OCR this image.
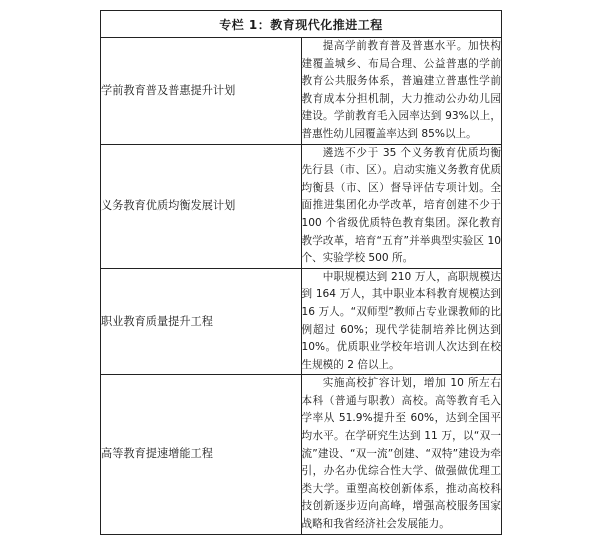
专栏 1：教育现代化推进工程	
学前教育普及普惠提升计划	提高学前教育普及普惠水平。加快构建覆盖城乡、布局合理、公益普惠的学前教育公共服务体系，普遍建立普惠性学前教育成本分担机制，大力推动公办幼儿园建设。学前教育毛入园率达到 93%以上，普惠性幼儿园覆盖率达到 85%以上。
义务教育优质均衡发展计划	遴选不少于 35 个义务教育优质均衡先行县（市、区）。启动实施义务教育优质均衡县（市、区）督导评估专项计划。全面推进集团化办学改革，培育创建不少于 100 个省级优质特色教育集团。深化教育教学改革，培育“五育”并举典型实验区 10 个、实验学校 500 所。
职业教育质量提升工程	中职规模达到 210 万人，高职规模达到 164 万人，其中职业本科教育规模达到 16 万人。“双师型”教师占专业课教师的比例超过 60%；现代学徒制培养比例达到 10%。优质职业学校年培训人次达到在校生规模的 2 倍以上。
高等教育提速增能工程	实施高校扩容计划，增加 10 所左右本科（普通与职教）高校。高等教育毛入学率从 51.9%提升至 60%，达到全国平均水平。在学研究生达到 11 万，以“双一流”建设、“双一流”创建、“双特”建设为牵引，办名办优综合性大学、做强做优理工类大学。重塑高校创新体系，推动高校科技创新逐步迈向高峰，增强高校服务国家战略和我省经济社会发展能力。
